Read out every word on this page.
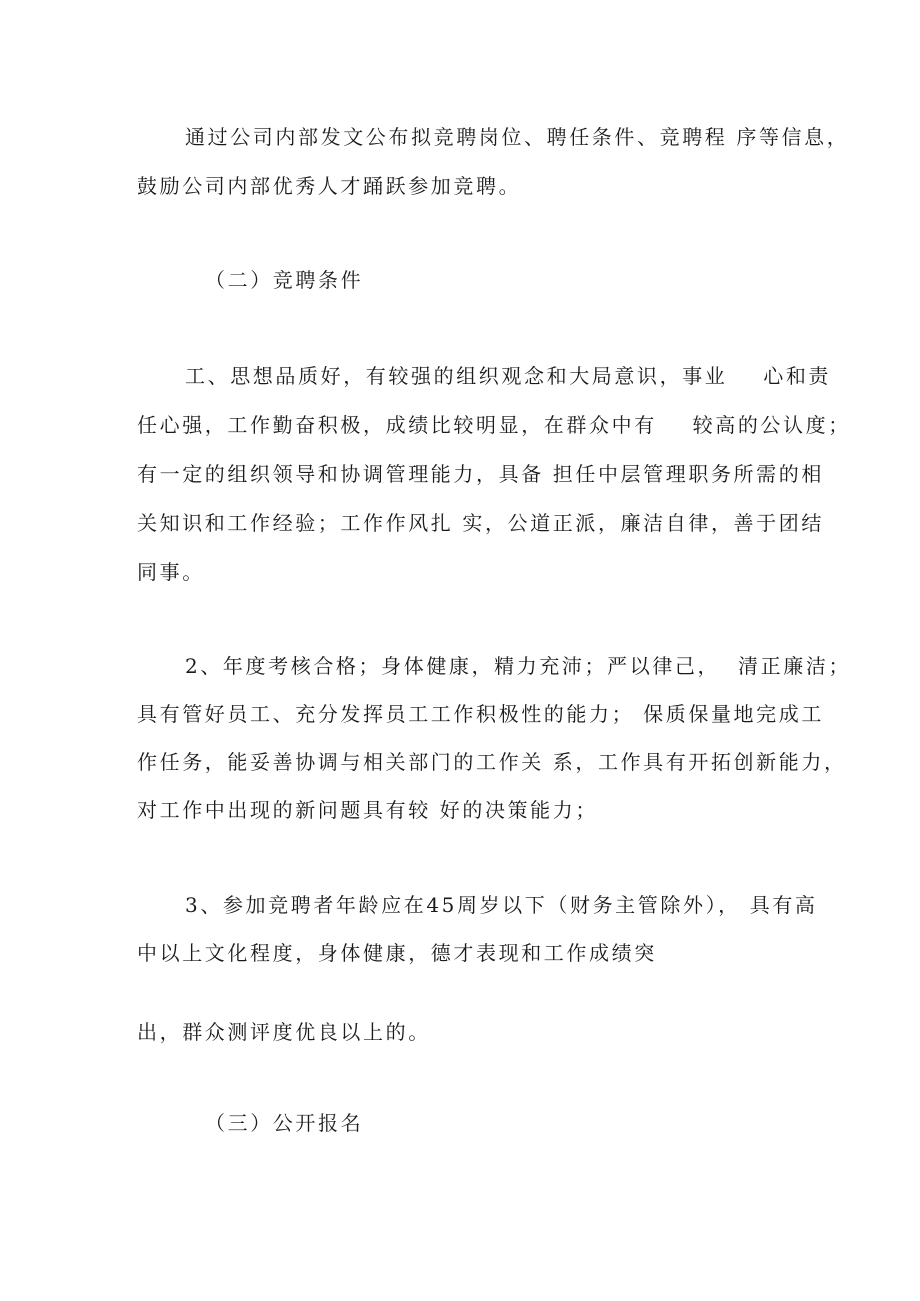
通过公司内部发文公布拟竞聘岗位、聘任条件、竞聘程 序等信息，
鼓励公司内部优秀人才踊跃参加竞聘。
（二）竞聘条件
工、思想品质好，有较强的组织观念和大局意识，事业    心和责
任心强，工作勤奋积极，成绩比较明显，在群众中有    较高的公认度；
有一定的组织领导和协调管理能力，具备 担任中层管理职务所需的相
关知识和工作经验；工作作风扎 实，公道正派，廉洁自律，善于团结
同事。
2、年度考核合格；身体健康，精力充沛；严以律己，  清正廉洁；
具有管好员工、充分发挥员工工作积极性的能力； 保质保量地完成工
作任务，能妥善协调与相关部门的工作关 系，工作具有开拓创新能力，
对工作中出现的新问题具有较 好的决策能力；
3、参加竞聘者年龄应在45周岁以下（财务主管除外）， 具有高
中以上文化程度，身体健康，德才表现和工作成绩突
出，群众测评度优良以上的。
（三）公开报名
